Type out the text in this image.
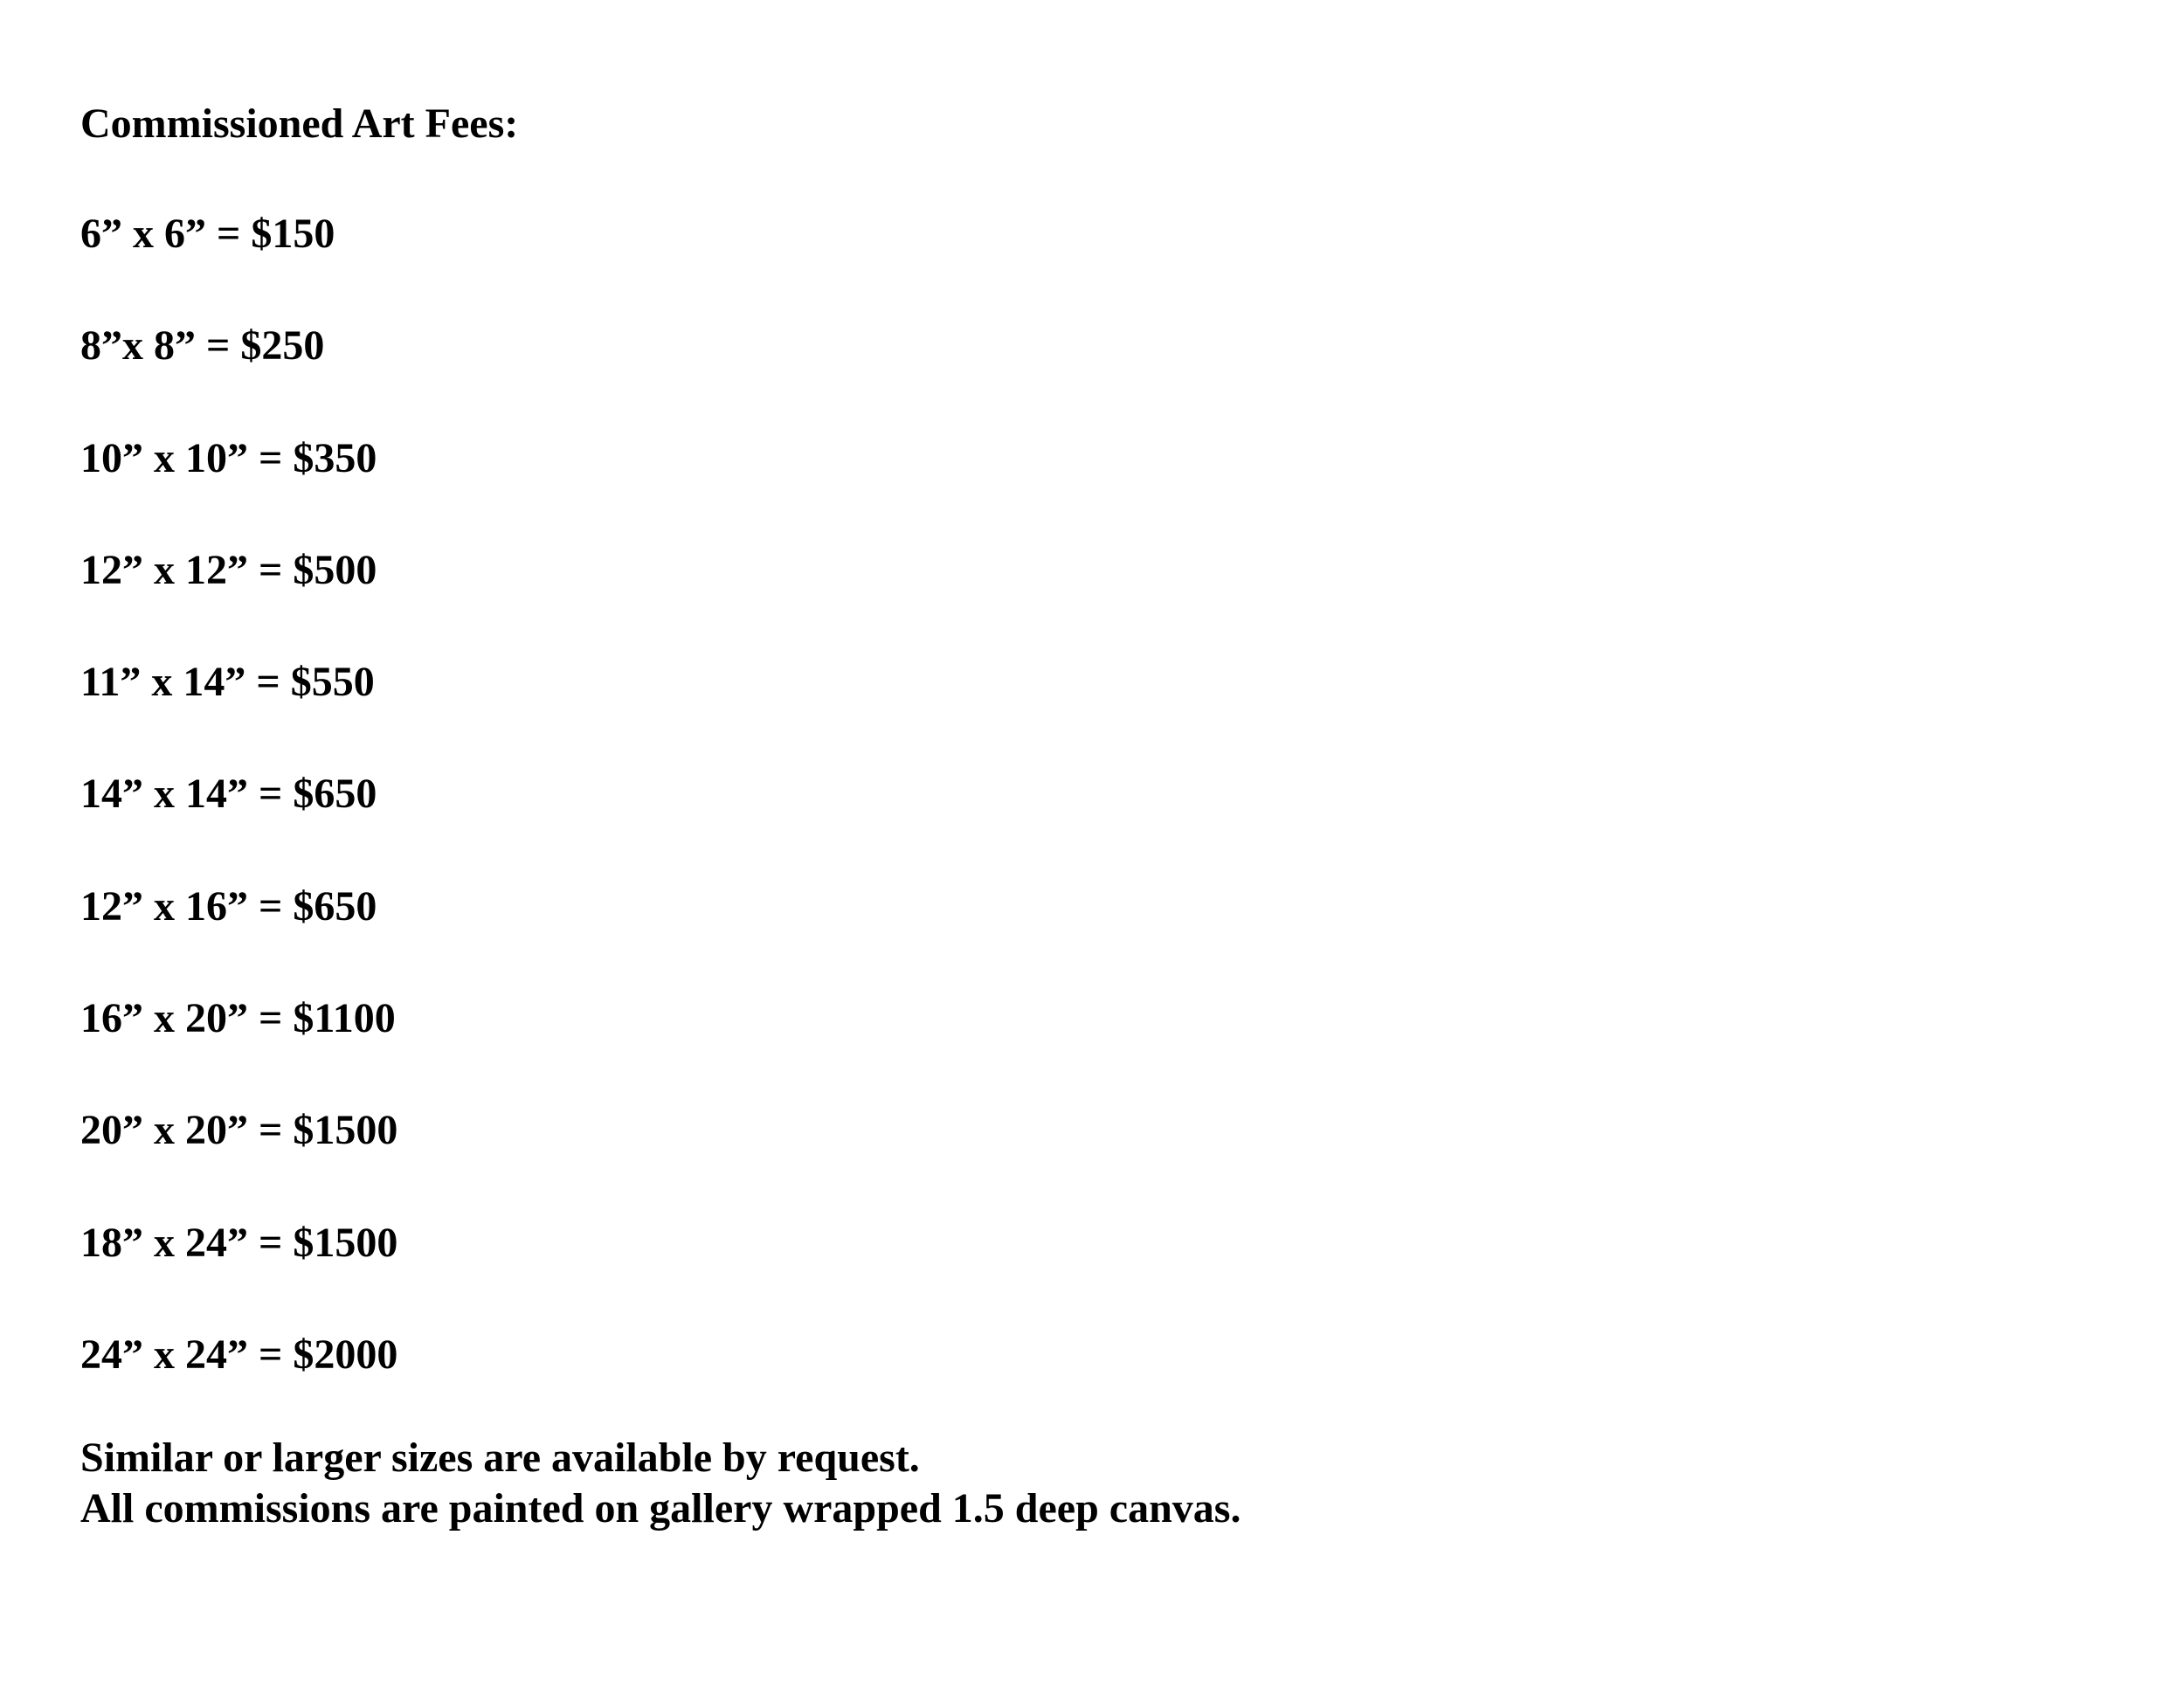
Commissioned Art Fees:
6” x 6” = $150
8”x 8” = $250
10” x 10” = $350
12” x 12” = $500
11” x 14” = $550
14” x 14” = $650
12” x 16” = $650
16” x 20” = $1100
20” x 20” = $1500
18” x 24” = $1500
24” x 24” = $2000
Similar or larger sizes are available by request.
All commissions are painted on gallery wrapped 1.5 deep canvas.
